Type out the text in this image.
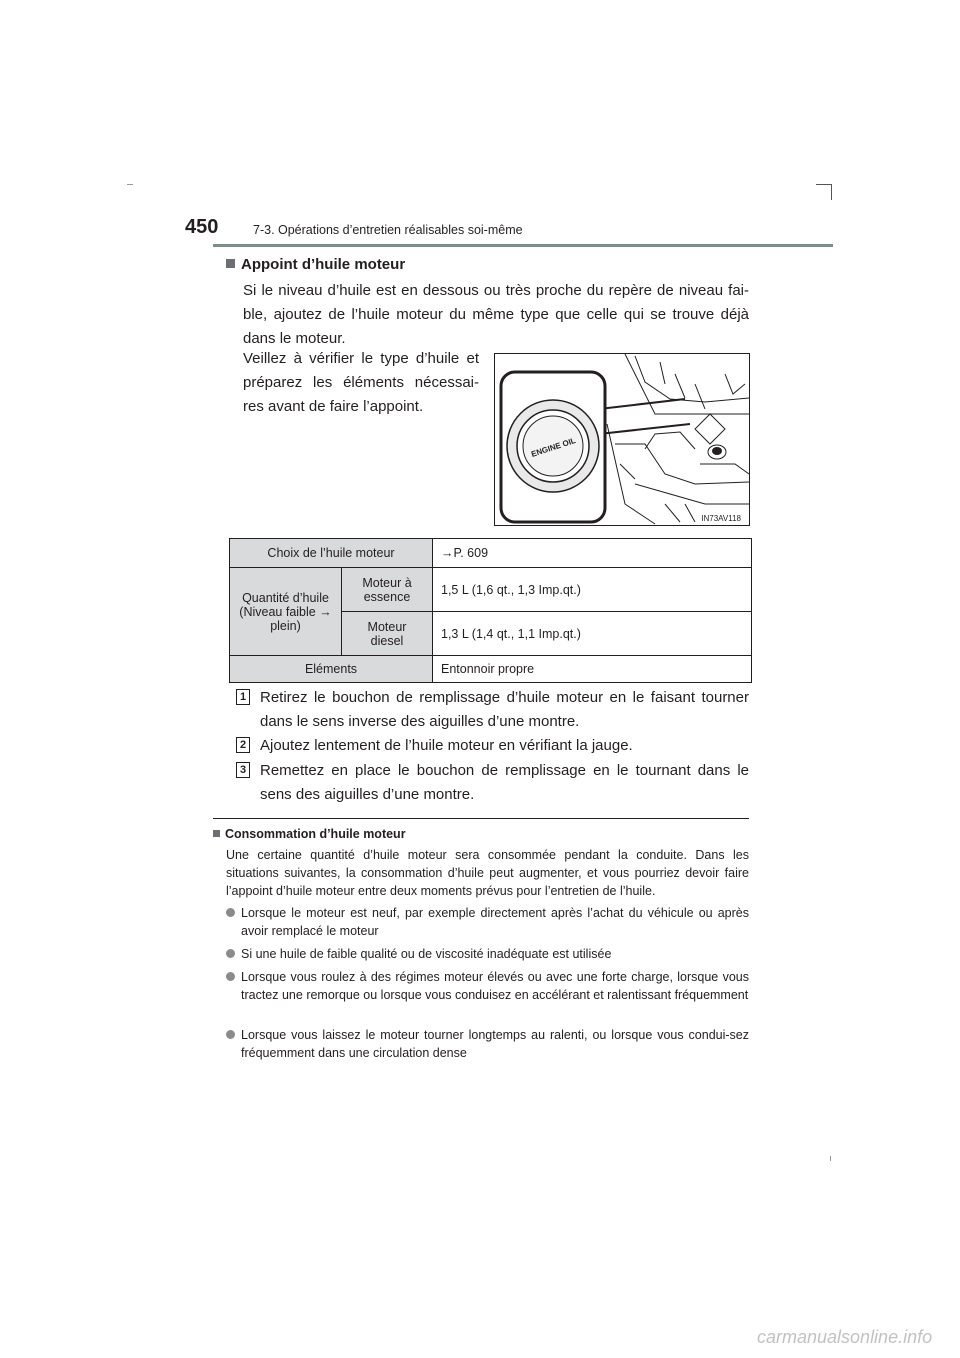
450	7-3. Opérations d’entretien réalisables soi-même
Appoint d’huile moteur

Si le niveau d’huile est en dessous ou très proche du repère de niveau fai-ble, ajoutez de l’huile moteur du même type que celle qui se trouve déjà dans le moteur.

Veillez à vérifier le type d’huile et préparez les éléments nécessai-res avant de faire l’appoint.

ENGINE OIL
IN73AV118
Choix de l’huile moteur		→P. 609
Quantité d’huile (Niveau faible → plein)	Moteur à essence	1,5 L (1,6 qt., 1,3 Imp.qt.)
	Moteur diesel	1,3 L (1,4 qt., 1,1 Imp.qt.)
Eléments		Entonnoir propre
1 Retirez le bouchon de remplissage d’huile moteur en le faisant tourner dans le sens inverse des aiguilles d’une montre.

2 Ajoutez lentement de l’huile moteur en vérifiant la jauge.

3 Remettez en place le bouchon de remplissage en le tournant dans le sens des aiguilles d’une montre.

Consommation d’huile moteur

Une certaine quantité d’huile moteur sera consommée pendant la conduite. Dans les situations suivantes, la consommation d’huile peut augmenter, et vous pourriez devoir faire l’appoint d’huile moteur entre deux moments prévus pour l’entretien de l’huile.

Lorsque le moteur est neuf, par exemple directement après l’achat du véhicule ou après avoir remplacé le moteur
Si une huile de faible qualité ou de viscosité inadéquate est utilisée
Lorsque vous roulez à des régimes moteur élevés ou avec une forte charge, lorsque vous tractez une remorque ou lorsque vous conduisez en accélérant et ralentissant fréquemment
Lorsque vous laissez le moteur tourner longtemps au ralenti, ou lorsque vous condui-sez fréquemment dans une circulation dense
carmanualsonline.info
